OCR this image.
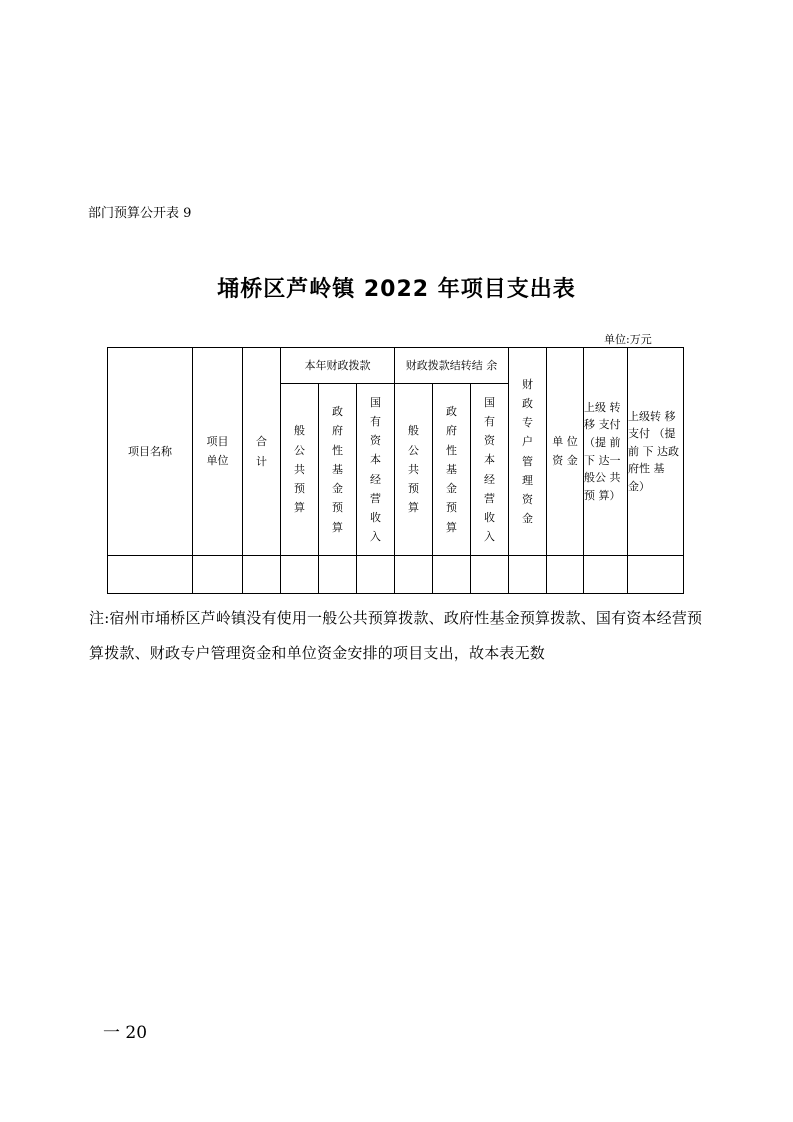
部门预算公开表 9
埇桥区芦岭镇 2022 年项目支出表
单位:万元
项目名称	项目 单位	合计	本年财政拨款			财政拨款结转结 余			财政专户管理资金	单 位 资 金	上级 转 移 支付 （提 前 下 达一 般公 共 预 算）	上级转 移 支付 （提前 下 达政 府性 基 金）
			般公共预算	政府性基金预算	国有资本经营收入	般公共预算	政府性基金预算	国有资本经营收入				

注:宿州市埇桥区芦岭镇没有使用一般公共预算拨款、政府性基金预算拨款、国有资本经营预算拨款、财政专户管理资金和单位资金安排的项目支出，故本表无数
一 20
